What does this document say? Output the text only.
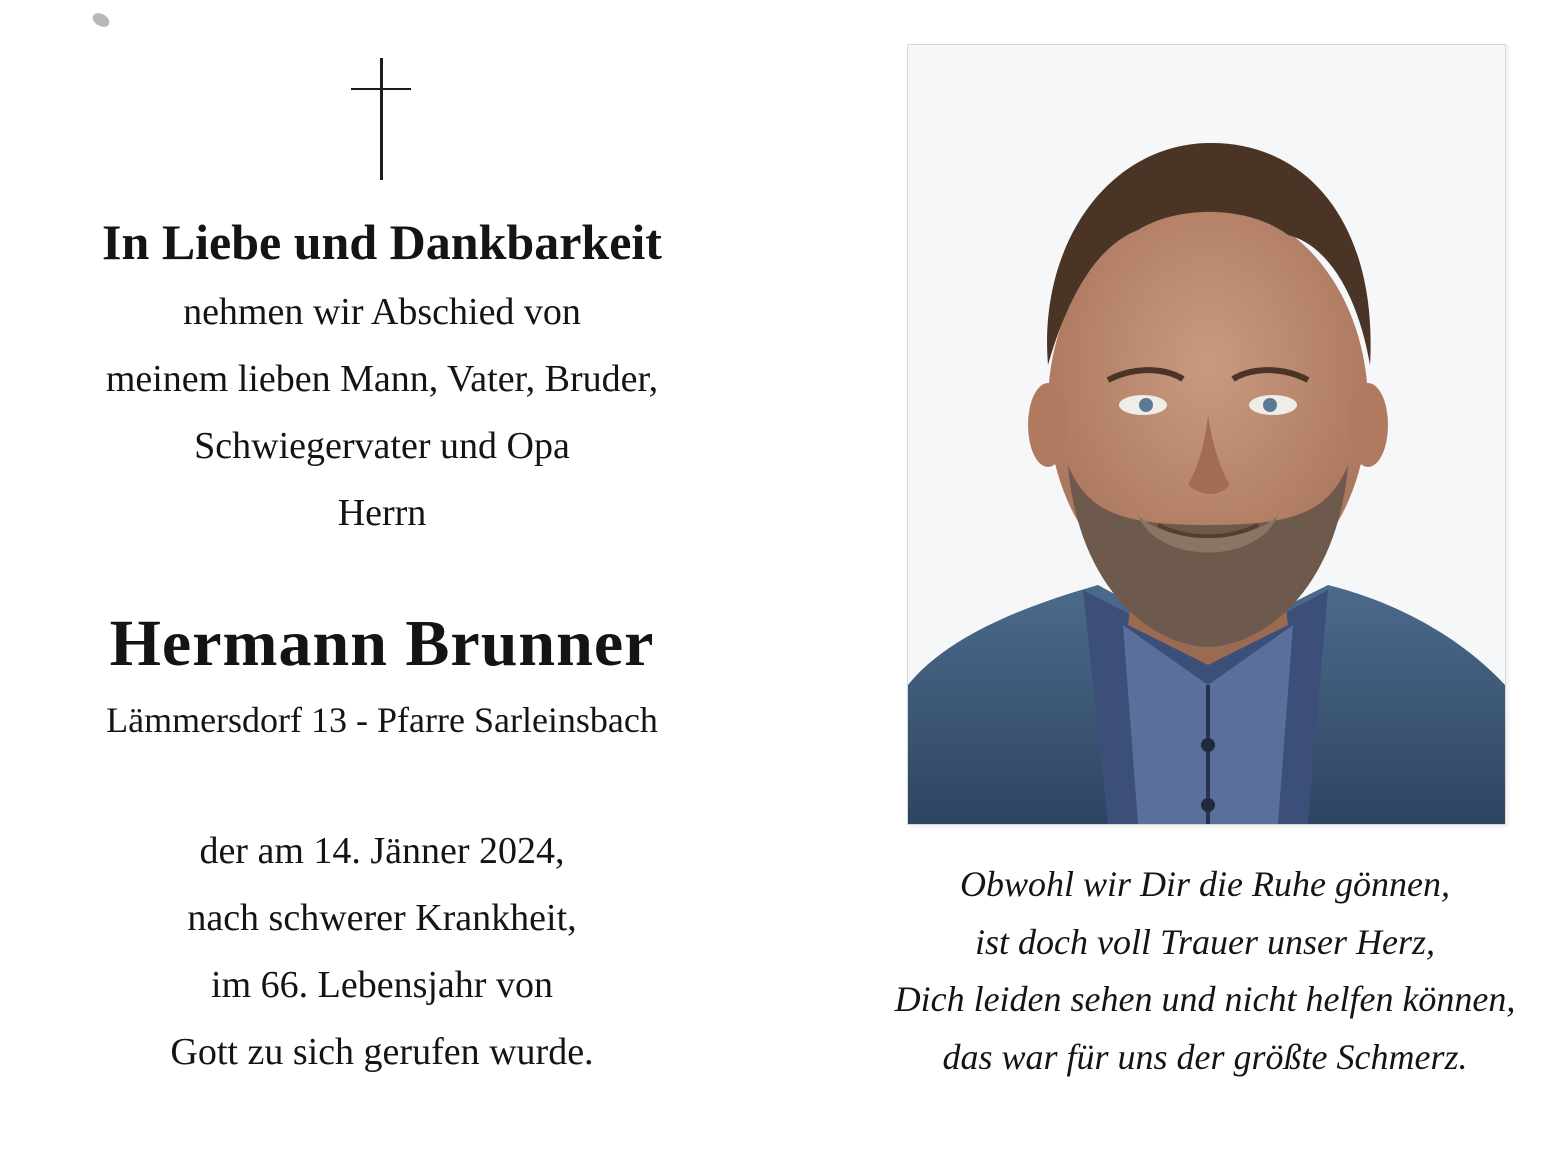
In Liebe und Dankbarkeit
nehmen wir Abschied von
meinem lieben Mann, Vater, Bruder,
Schwiegervater und Opa
Herrn
Hermann Brunner
Lämmersdorf 13 - Pfarre Sarleinsbach
der am 14. Jänner 2024,
nach schwerer Krankheit,
im 66. Lebensjahr von
Gott zu sich gerufen wurde.
Obwohl wir Dir die Ruhe gönnen,
ist doch voll Trauer unser Herz,
Dich leiden sehen und nicht helfen können,
das war für uns der größte Schmerz.
